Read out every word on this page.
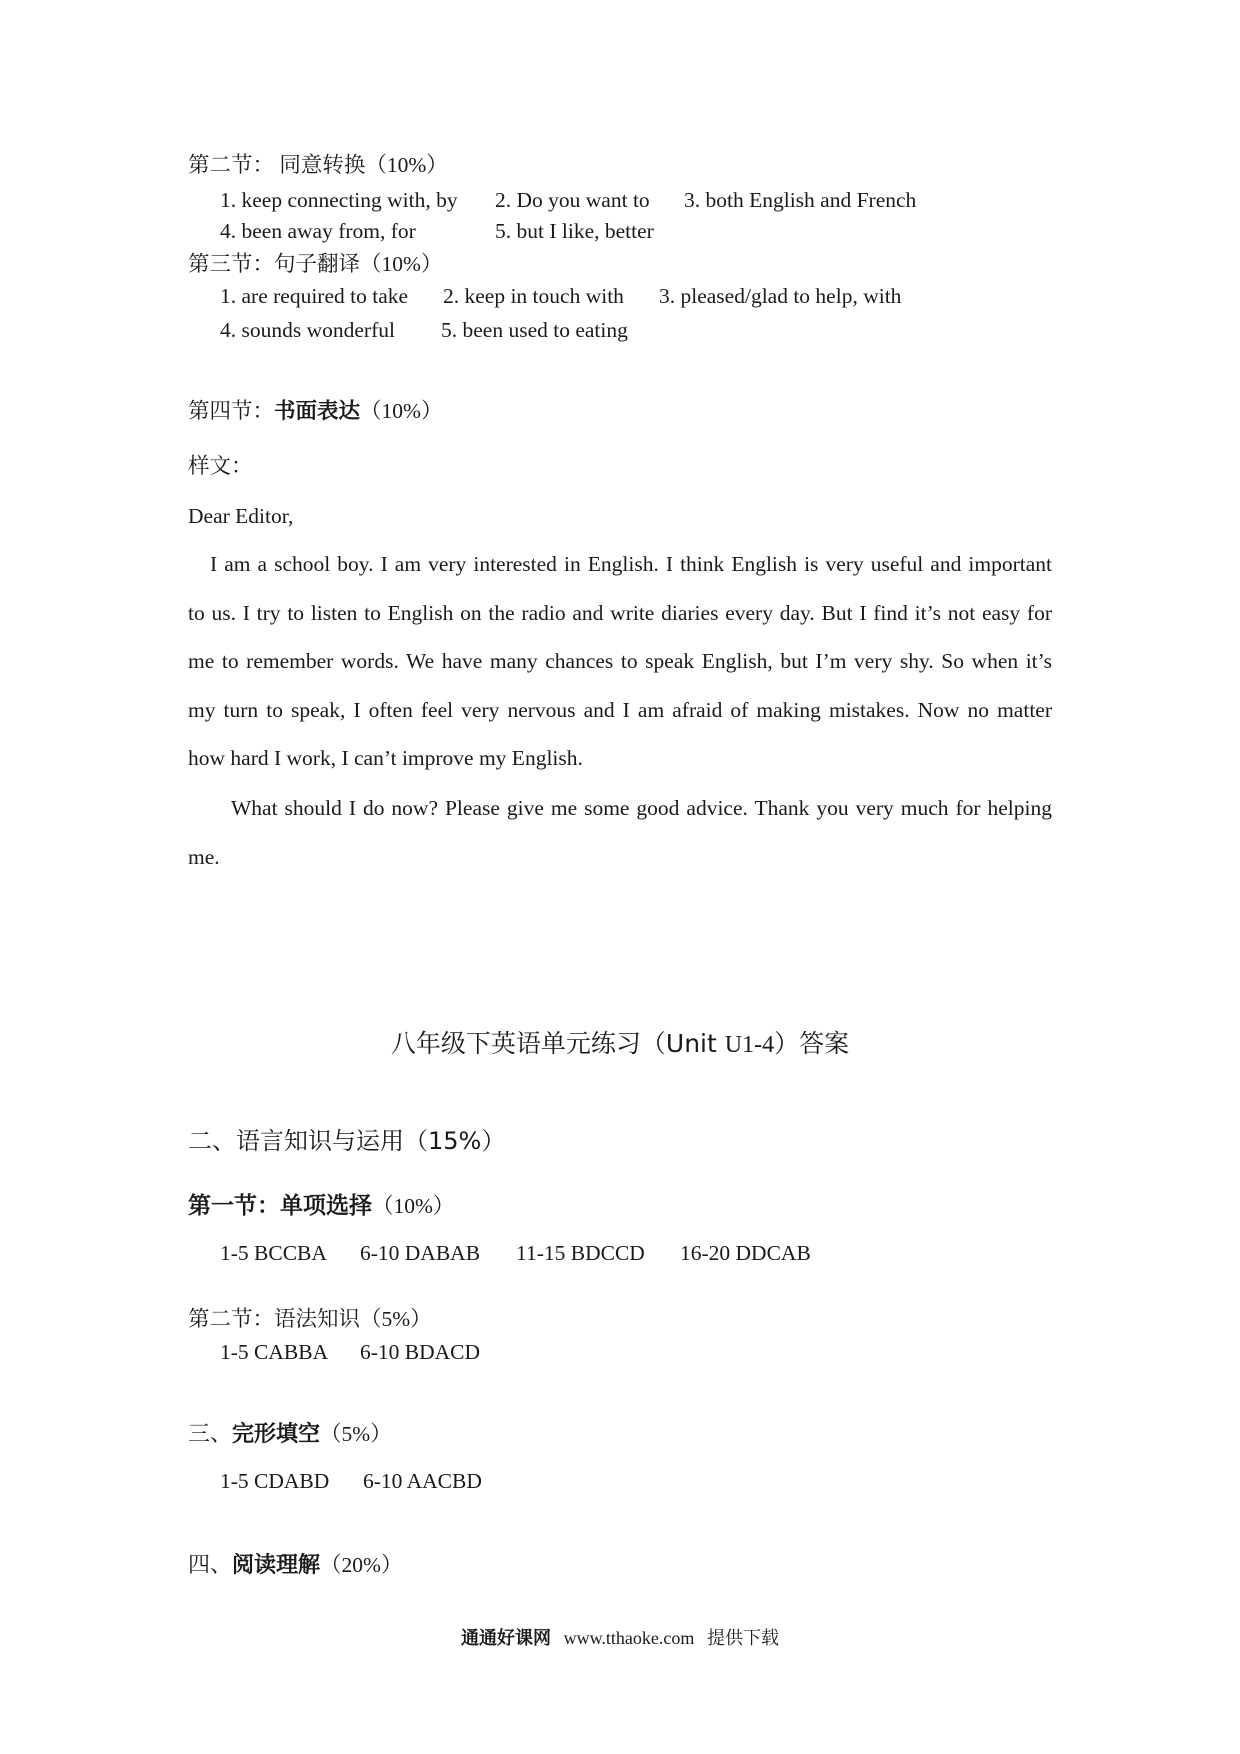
第二节： 同意转换（10%）
1. keep connecting with, by 2. Do you want to 3. both English and French
4. been away from, for	5. but I like, better
第三节：句子翻译（10%）
1. are required to take 2. keep in touch with 3. pleased/glad to help, with
4. sounds wonderful 5. been used to eating
第四节：书面表达（10%）
样文：
Dear Editor,
I am a school boy. I am very interested in English. I think English is very useful and important
to us. I try to listen to English on the radio and write diaries every day. But I find it’s not easy for
me to remember words. We have many chances to speak English, but I’m very shy. So when it’s
my turn to speak, I often feel very nervous and I am afraid of making mistakes. Now no matter
how hard I work, I can’t improve my English.
What should I do now? Please give me some good advice. Thank you very much for helping
me.
八年级下英语单元练习（Unit U1-4）答案
二、语言知识与运用（15%）
第一节：单项选择（10%）
1-5 BCCBA 6-10 DABAB 11-15 BDCCD 16-20 DDCAB
第二节：语法知识（5%）
1-5 CABBA 6-10 BDACD
三、完形填空（5%）
1-5 CDABD 6-10 AACBD
四、阅读理解（20%）
通通好课网 www.tthaoke.com 提供下载
